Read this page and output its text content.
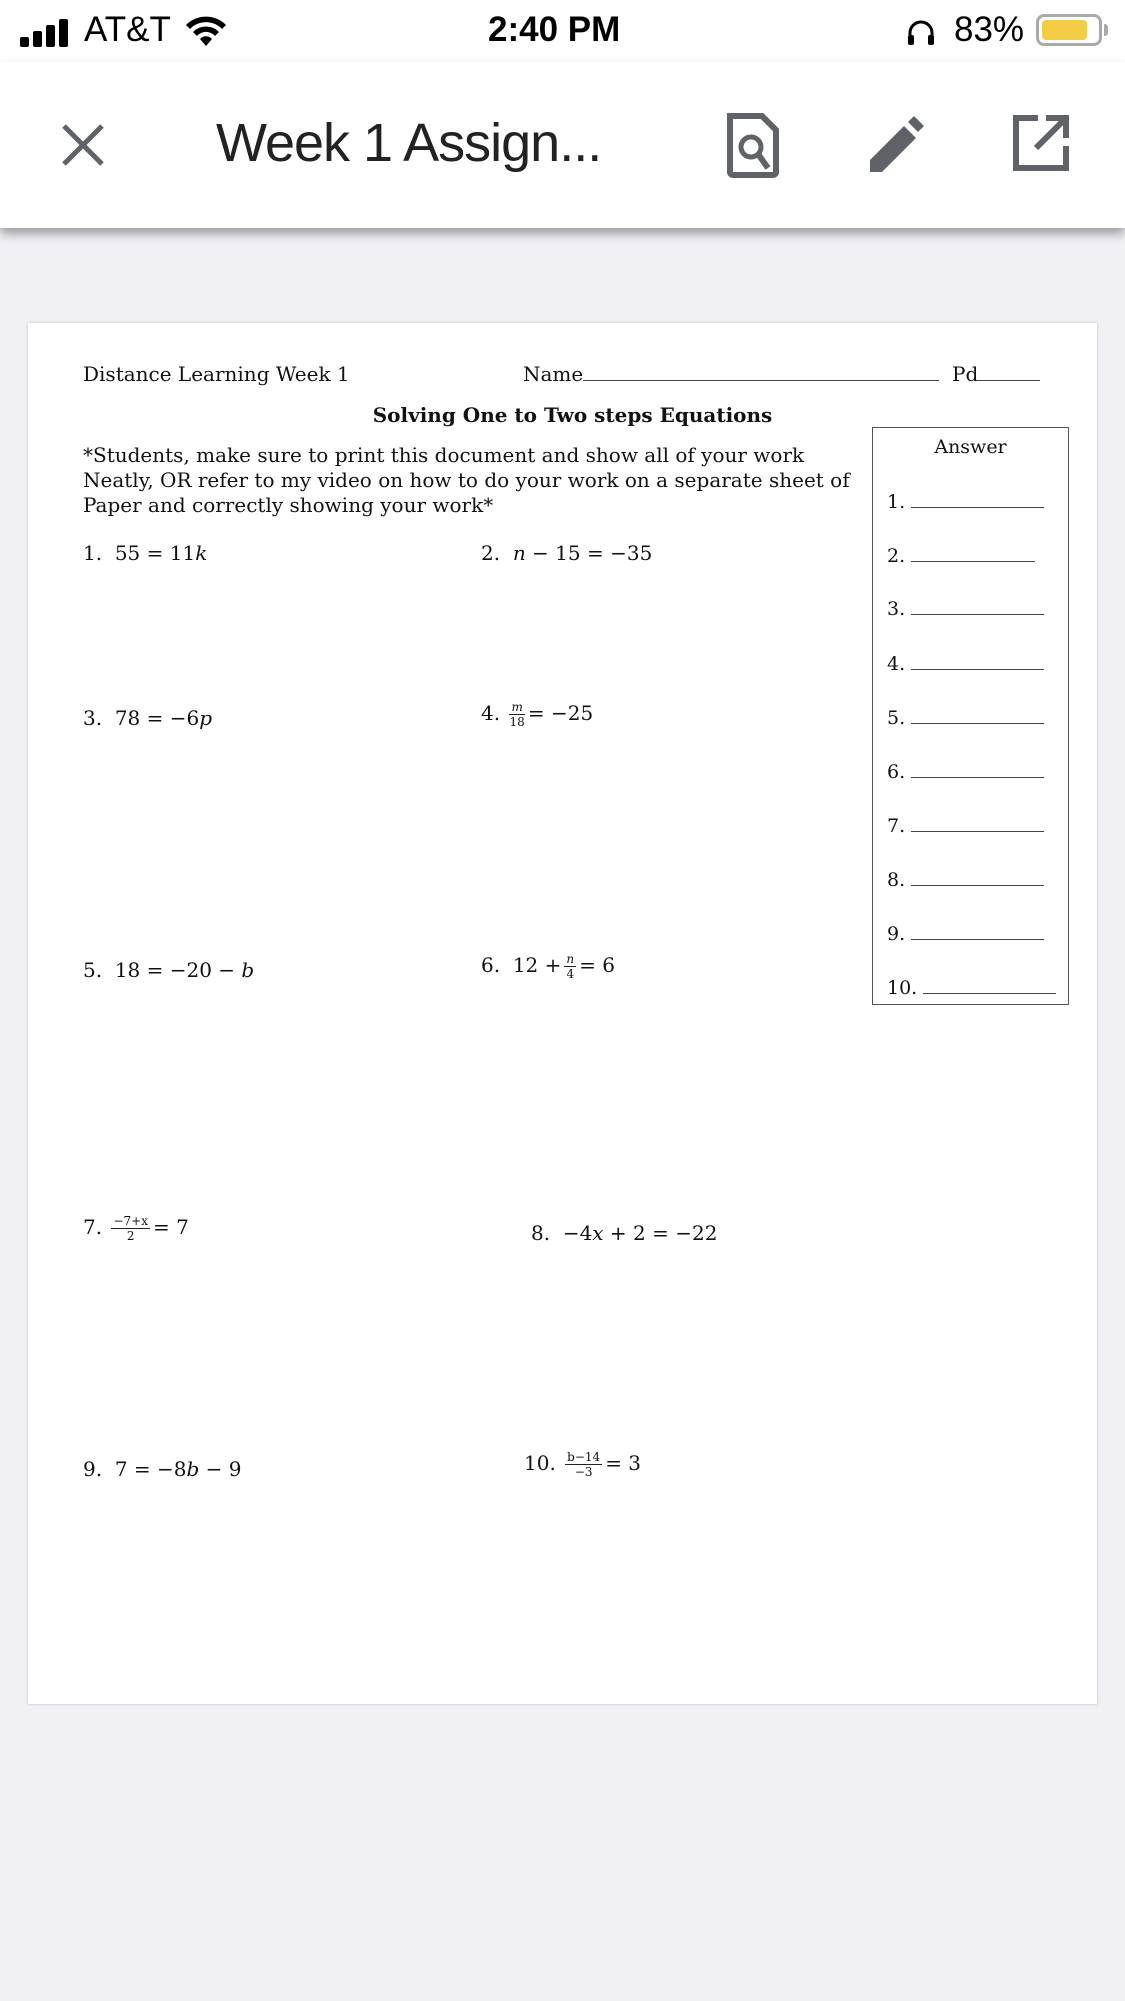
AT&T	2:40 PM	83%
Week 1 Assign...
Distance Learning Week 1	Name	Pd
Solving One to Two steps Equations
*Students, make sure to print this document and show all of your work
Neatly, OR refer to my video on how to do your work on a separate sheet of
Paper and correctly showing your work*
Answer
1.
2.
3.
4.
5.
6.
7.
8.
9.
10.
1. 55 = 11k	2. n − 15 = −35
3. 78 = −6p	4. $\frac{m}{18} = -25$
5. 18 = −20 − b	6. $12 + \frac{n}{4} = 6$
7. $\frac{-7+x}{2} = 7$	8. −4x + 2 = −22
9. 7 = −8b − 9	10. $\frac{b-14}{-3} = 3$
